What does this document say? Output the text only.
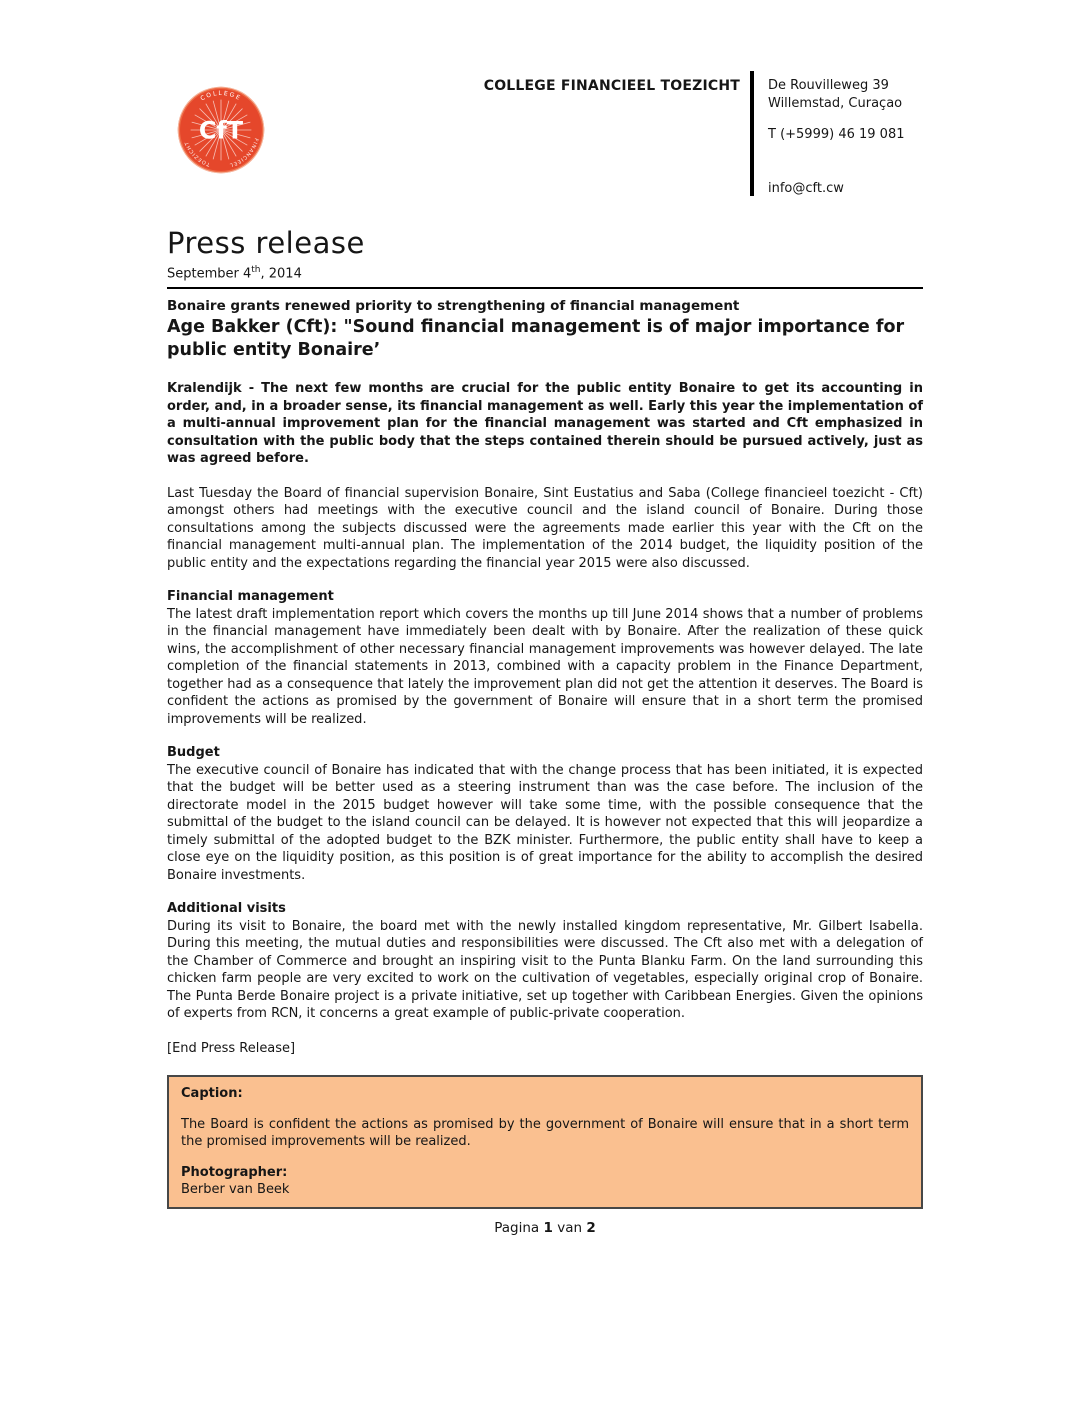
COLLEGE
FINANCIEEL
TOEZICHT CfT
COLLEGE FINANCIEEL TOEZICHT De Rouvilleweg 39
Willemstad, Curaçao
T (+5999) 46 19 081
info@cft.cw
Press release
September 4th, 2014
Bonaire grants renewed priority to strengthening of financial management
Age Bakker (Cft): "Sound financial management is of major importance for public entity Bonaire’
Kralendijk - The next few months are crucial for the public entity Bonaire to get its accounting in order, and, in a broader sense, its financial management as well. Early this year the implementation of a multi-annual improvement plan for the financial management was started and Cft emphasized in consultation with the public body that the steps contained therein should be pursued actively, just as was agreed before.
Last Tuesday the Board of financial supervision Bonaire, Sint Eustatius and Saba (College financieel toezicht - Cft) amongst others had meetings with the executive council and the island council of Bonaire. During those consultations among the subjects discussed were the agreements made earlier this year with the Cft on the financial management multi-annual plan. The implementation of the 2014 budget, the liquidity position of the public entity and the expectations regarding the financial year 2015 were also discussed.
Financial management
The latest draft implementation report which covers the months up till June 2014 shows that a number of problems in the financial management have immediately been dealt with by Bonaire. After the realization of these quick wins, the accomplishment of other necessary financial management improvements was however delayed. The late completion of the financial statements in 2013, combined with a capacity problem in the Finance Department, together had as a consequence that lately the improvement plan did not get the attention it deserves. The Board is confident the actions as promised by the government of Bonaire will ensure that in a short term the promised improvements will be realized.
Budget
The executive council of Bonaire has indicated that with the change process that has been initiated, it is expected that the budget will be better used as a steering instrument than was the case before. The inclusion of the directorate model in the 2015 budget however will take some time, with the possible consequence that the submittal of the budget to the island council can be delayed. It is however not expected that this will jeopardize a timely submittal of the adopted budget to the BZK minister. Furthermore, the public entity shall have to keep a close eye on the liquidity position, as this position is of great importance for the ability to accomplish the desired Bonaire investments.
Additional visits
During its visit to Bonaire, the board met with the newly installed kingdom representative, Mr. Gilbert Isabella. During this meeting, the mutual duties and responsibilities were discussed. The Cft also met with a delegation of the Chamber of Commerce and brought an inspiring visit to the Punta Blanku Farm. On the land surrounding this chicken farm people are very excited to work on the cultivation of vegetables, especially original crop of Bonaire. The Punta Berde Bonaire project is a private initiative, set up together with Caribbean Energies. Given the opinions of experts from RCN, it concerns a great example of public-private cooperation.
[End Press Release]
Caption:
The Board is confident the actions as promised by the government of Bonaire will ensure that in a short term the promised improvements will be realized.
Photographer:
Berber van Beek
Pagina 1 van 2
